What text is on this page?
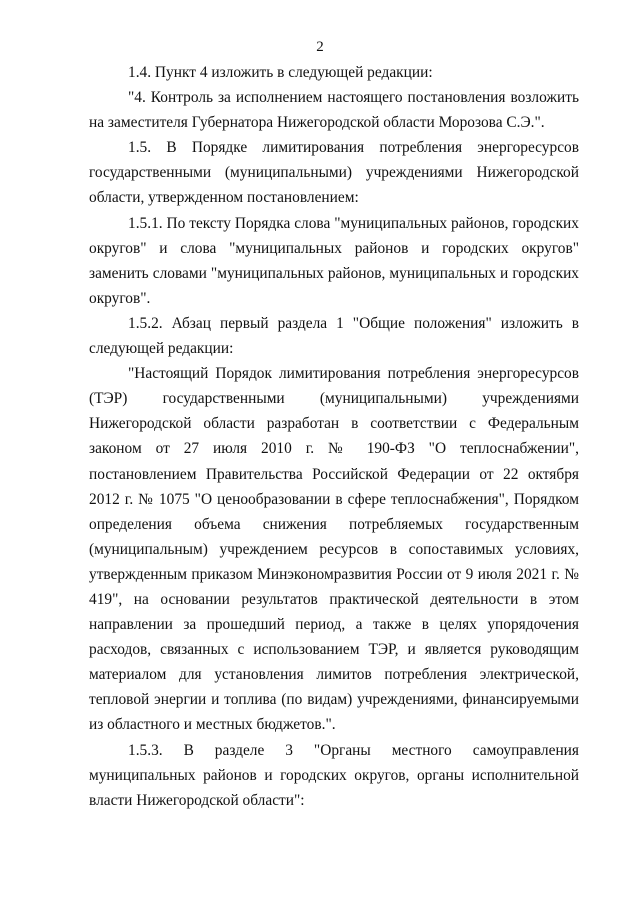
2

1.4. Пункт 4 изложить в следующей редакции:

"4. Контроль за исполнением настоящего постановления возложить на заместителя Губернатора Нижегородской области Морозова С.Э.".

1.5. В Порядке лимитирования потребления энергоресурсов государственными (муниципальными) учреждениями Нижегородской области, утвержденном постановлением:

1.5.1. По тексту Порядка слова "муниципальных районов, городских округов" и слова "муниципальных районов и городских округов" заменить словами "муниципальных районов, муниципальных и городских округов".

1.5.2. Абзац первый раздела 1 "Общие положения" изложить в следующей редакции:

"Настоящий Порядок лимитирования потребления энергоресурсов (ТЭР) государственными (муниципальными) учреждениями Нижегородской области разработан в соответствии с Федеральным законом от 27 июля 2010 г. № 190-ФЗ "О теплоснабжении", постановлением Правительства Российской Федерации от 22 октября 2012 г. № 1075 "О ценообразовании в сфере теплоснабжения", Порядком определения объема снижения потребляемых государственным (муниципальным) учреждением ресурсов в сопоставимых условиях, утвержденным приказом Минэкономразвития России от 9 июля 2021 г. № 419", на основании результатов практической деятельности в этом направлении за прошедший период, а также в целях упорядочения расходов, связанных с использованием ТЭР, и является руководящим материалом для установления лимитов потребления электрической, тепловой энергии и топлива (по видам) учреждениями, финансируемыми из областного и местных бюджетов.".

1.5.3. В разделе 3 "Органы местного самоуправления муниципальных районов и городских округов, органы исполнительной власти Нижегородской области":
